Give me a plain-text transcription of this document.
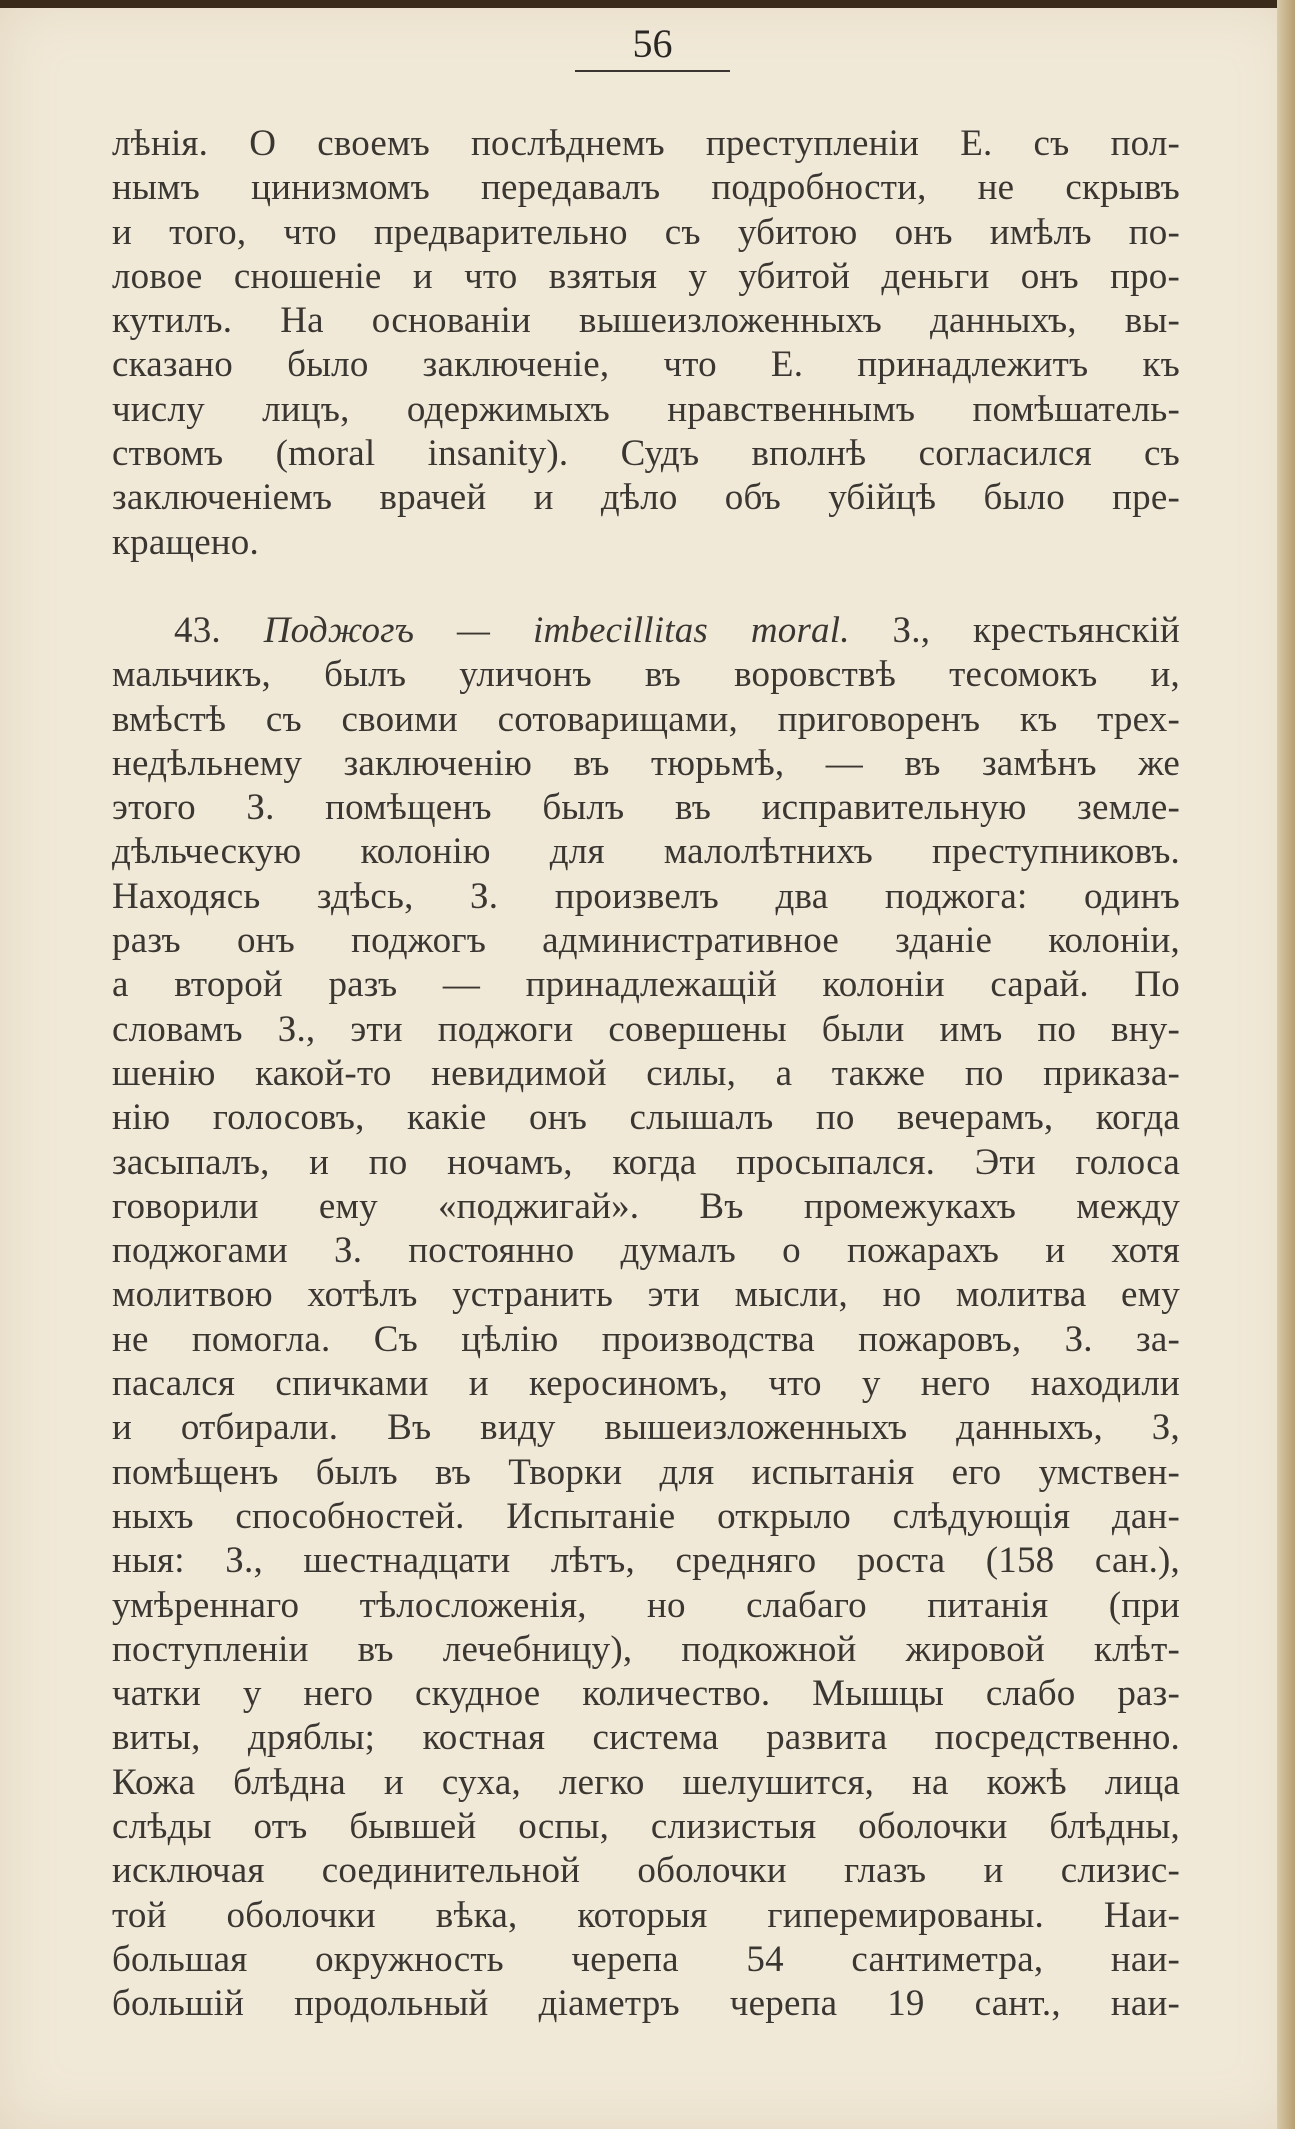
56
лѣнія. О своемъ послѣднемъ преступленіи Е. съ пол-
нымъ цинизмомъ передавалъ подробности, не скрывъ
и того, что предварительно съ убитою онъ имѣлъ по-
ловое сношеніе и что взятыя у убитой деньги онъ про-
кутилъ. На основаніи вышеизложенныхъ данныхъ, вы-
сказано было заключеніе, что Е. принадлежитъ къ
числу лицъ, одержимыхъ нравственнымъ помѣшатель-
ствомъ (moral insanity). Судъ вполнѣ согласился съ
заключеніемъ врачей и дѣло объ убійцѣ было пре-
кращено.
43. Поджогъ — imbecillitas moral. З., крестьянскій
мальчикъ, былъ уличонъ въ воровствѣ тесомокъ и,
вмѣстѣ съ своими сотоварищами, приговоренъ къ трех-
недѣльнему заключенію въ тюрьмѣ, — въ замѣнъ же
этого З. помѣщенъ былъ въ исправительную земле-
дѣльческую колонію для малолѣтнихъ преступниковъ.
Находясь здѣсь, З. произвелъ два поджога: одинъ
разъ онъ поджогъ административное зданіе колоніи,
а второй разъ — принадлежащій колоніи сарай. По
словамъ З., эти поджоги совершены были имъ по вну-
шенію какой-то невидимой силы, а также по приказа-
нію голосовъ, какіе онъ слышалъ по вечерамъ, когда
засыпалъ, и по ночамъ, когда просыпался. Эти голоса
говорили ему «поджигай». Въ промежукахъ между
поджогами З. постоянно думалъ о пожарахъ и хотя
молитвою хотѣлъ устранить эти мысли, но молитва ему
не помогла. Съ цѣлію производства пожаровъ, З. за-
пасался спичками и керосиномъ, что у него находили
и отбирали. Въ виду вышеизложенныхъ данныхъ, З,
помѣщенъ былъ въ Творки для испытанія его умствен-
ныхъ способностей. Испытаніе открыло слѣдующія дан-
ныя: З., шестнадцати лѣтъ, средняго роста (158 сан.),
умѣреннаго тѣлосложенія, но слабаго питанія (при
поступленіи въ лечебницу), подкожной жировой клѣт-
чатки у него скудное количество. Мышцы слабо раз-
виты, дряблы; костная система развита посредственно.
Кожа блѣдна и суха, легко шелушится, на кожѣ лица
слѣды отъ бывшей оспы, слизистыя оболочки блѣдны,
исключая соединительной оболочки глазъ и слизис-
той оболочки вѣка, которыя гиперемированы. Наи-
большая окружность черепа 54 сантиметра, наи-
большій продольный діаметръ черепа 19 сант., наи-
